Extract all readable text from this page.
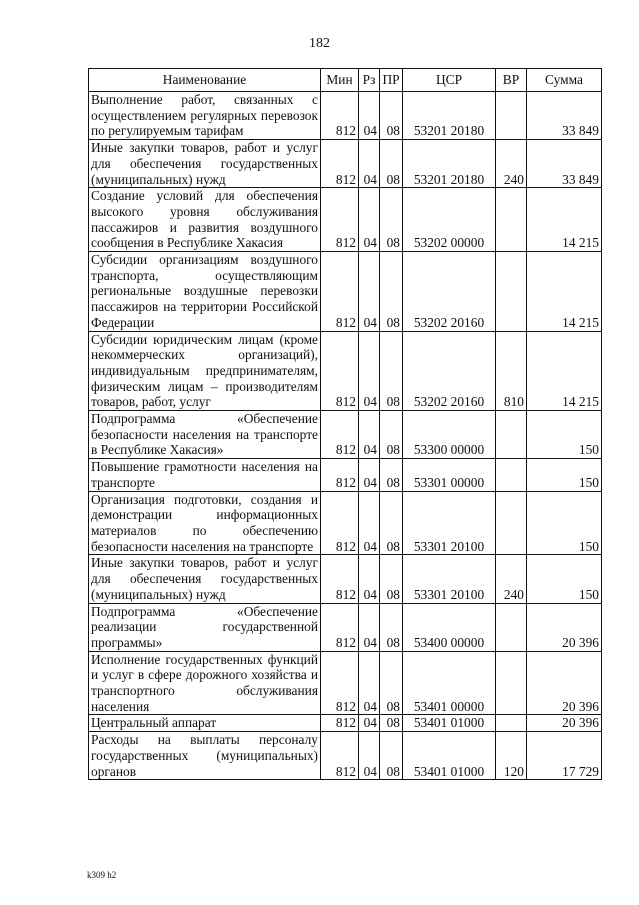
182
Наименование	Мин	Рз	ПР	ЦСР	ВР	Сумма
Выполнение работ, связанных с осуществлением регулярных перевозок по регулируемым тарифам	812	04	08	53201 20180		33 849
Иные закупки товаров, работ и услуг для обеспечения государственных (муниципальных) нужд	812	04	08	53201 20180	240	33 849
Создание условий для обеспечения высокого уровня обслуживания пассажиров и развития воздушного сообщения в Республике Хакасия	812	04	08	53202 00000		14 215
Субсидии организациям воздушного транспорта, осуществляющим региональные воздушные перевозки пассажиров на территории Российской Федерации	812	04	08	53202 20160		14 215
Субсидии юридическим лицам (кроме некоммерческих организаций), индивидуальным предпринимателям, физическим лицам – производителям товаров, работ, услуг	812	04	08	53202 20160	810	14 215
Подпрограмма «Обеспечение безопасности населения на транспорте в Республике Хакасия»	812	04	08	53300 00000		150
Повышение грамотности населения на транспорте	812	04	08	53301 00000		150
Организация подготовки, создания и демонстрации информационных материалов по обеспечению безопасности населения на транспорте	812	04	08	53301 20100		150
Иные закупки товаров, работ и услуг для обеспечения государственных (муниципальных) нужд	812	04	08	53301 20100	240	150
Подпрограмма «Обеспечение реализации государственной программы»	812	04	08	53400 00000		20 396
Исполнение государственных функций и услуг в сфере дорожного хозяйства и транспортного обслуживания населения	812	04	08	53401 00000		20 396
Центральный аппарат	812	04	08	53401 01000		20 396
Расходы на выплаты персоналу государственных (муниципальных) органов	812	04	08	53401 01000	120	17 729
k309 h2
